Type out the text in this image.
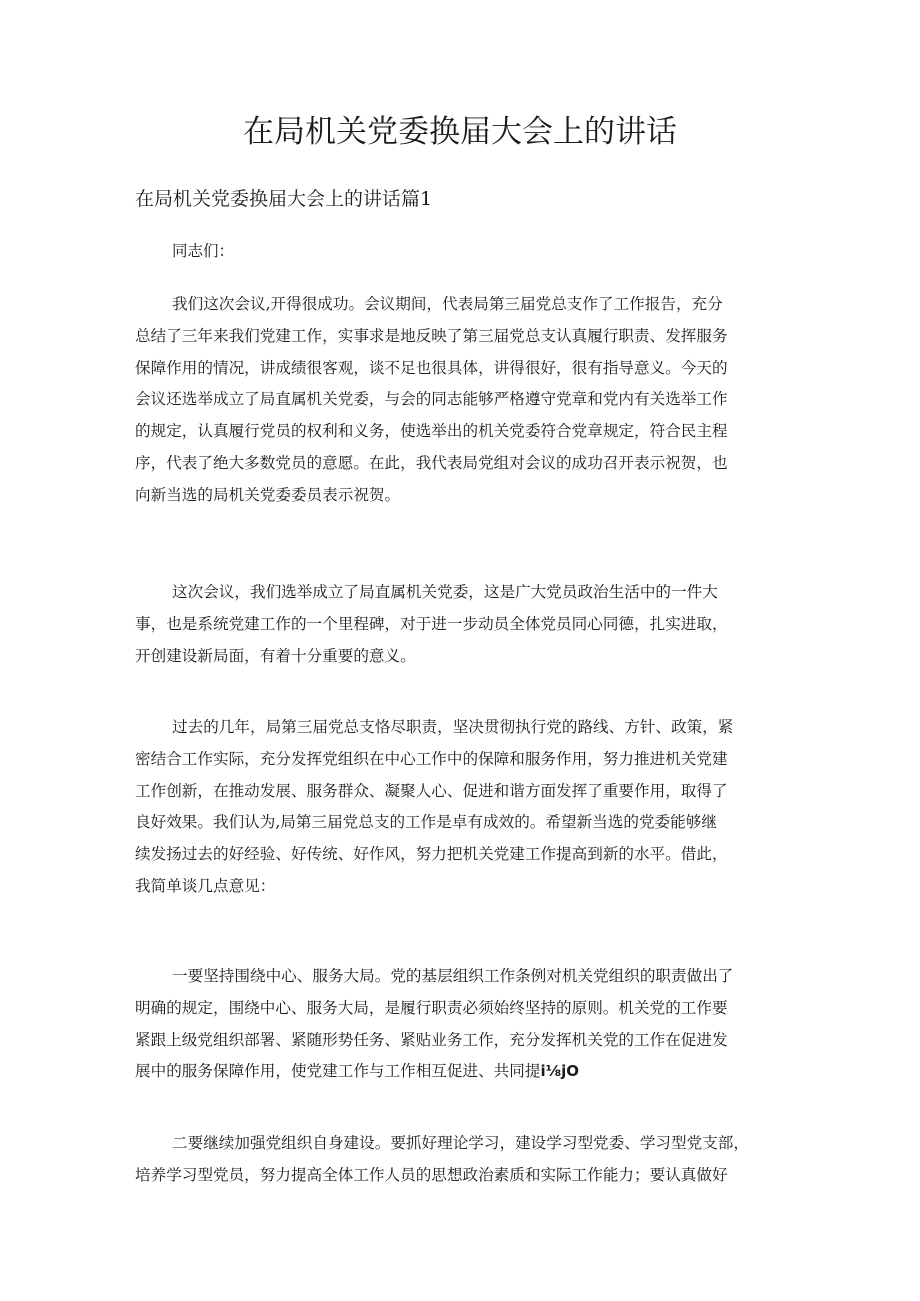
在局机关党委换届大会上的讲话
在局机关党委换届大会上的讲话篇1

同志们：

我们这次会议,开得很成功。会议期间，代表局第三届党总支作了工作报告，充分
总结了三年来我们党建工作，实事求是地反映了第三届党总支认真履行职责、发挥服务
保障作用的情况，讲成绩很客观，谈不足也很具体，讲得很好，很有指导意义。今天的
会议还选举成立了局直属机关党委，与会的同志能够严格遵守党章和党内有关选举工作
的规定，认真履行党员的权利和义务，使选举出的机关党委符合党章规定，符合民主程
序，代表了绝大多数党员的意愿。在此，我代表局党组对会议的成功召开表示祝贺，也
向新当选的局机关党委委员表示祝贺。

这次会议，我们选举成立了局直属机关党委，这是广大党员政治生活中的一件大
事，也是系统党建工作的一个里程碑，对于进一步动员全体党员同心同德，扎实进取，
开创建设新局面，有着十分重要的意义。

过去的几年，局第三届党总支恪尽职责，坚决贯彻执行党的路线、方针、政策，紧
密结合工作实际，充分发挥党组织在中心工作中的保障和服务作用，努力推进机关党建
工作创新，在推动发展、服务群众、凝聚人心、促进和谐方面发挥了重要作用，取得了
良好效果。我们认为,局第三届党总支的工作是卓有成效的。希望新当选的党委能够继
续发扬过去的好经验、好传统、好作风，努力把机关党建工作提高到新的水平。借此，
我简单谈几点意见：

一要坚持围绕中心、服务大局。党的基层组织工作条例对机关党组织的职责做出了
明确的规定，围绕中心、服务大局，是履行职责必须始终坚持的原则。机关党的工作要
紧跟上级党组织部署、紧随形势任务、紧贴业务工作，充分发挥机关党的工作在促进发
展中的服务保障作用，使党建工作与工作相互促进、共同提i⅛jO

二要继续加强党组织自身建设。要抓好理论学习，建设学习型党委、学习型党支部，
培养学习型党员，努力提高全体工作人员的思想政治素质和实际工作能力；要认真做好
